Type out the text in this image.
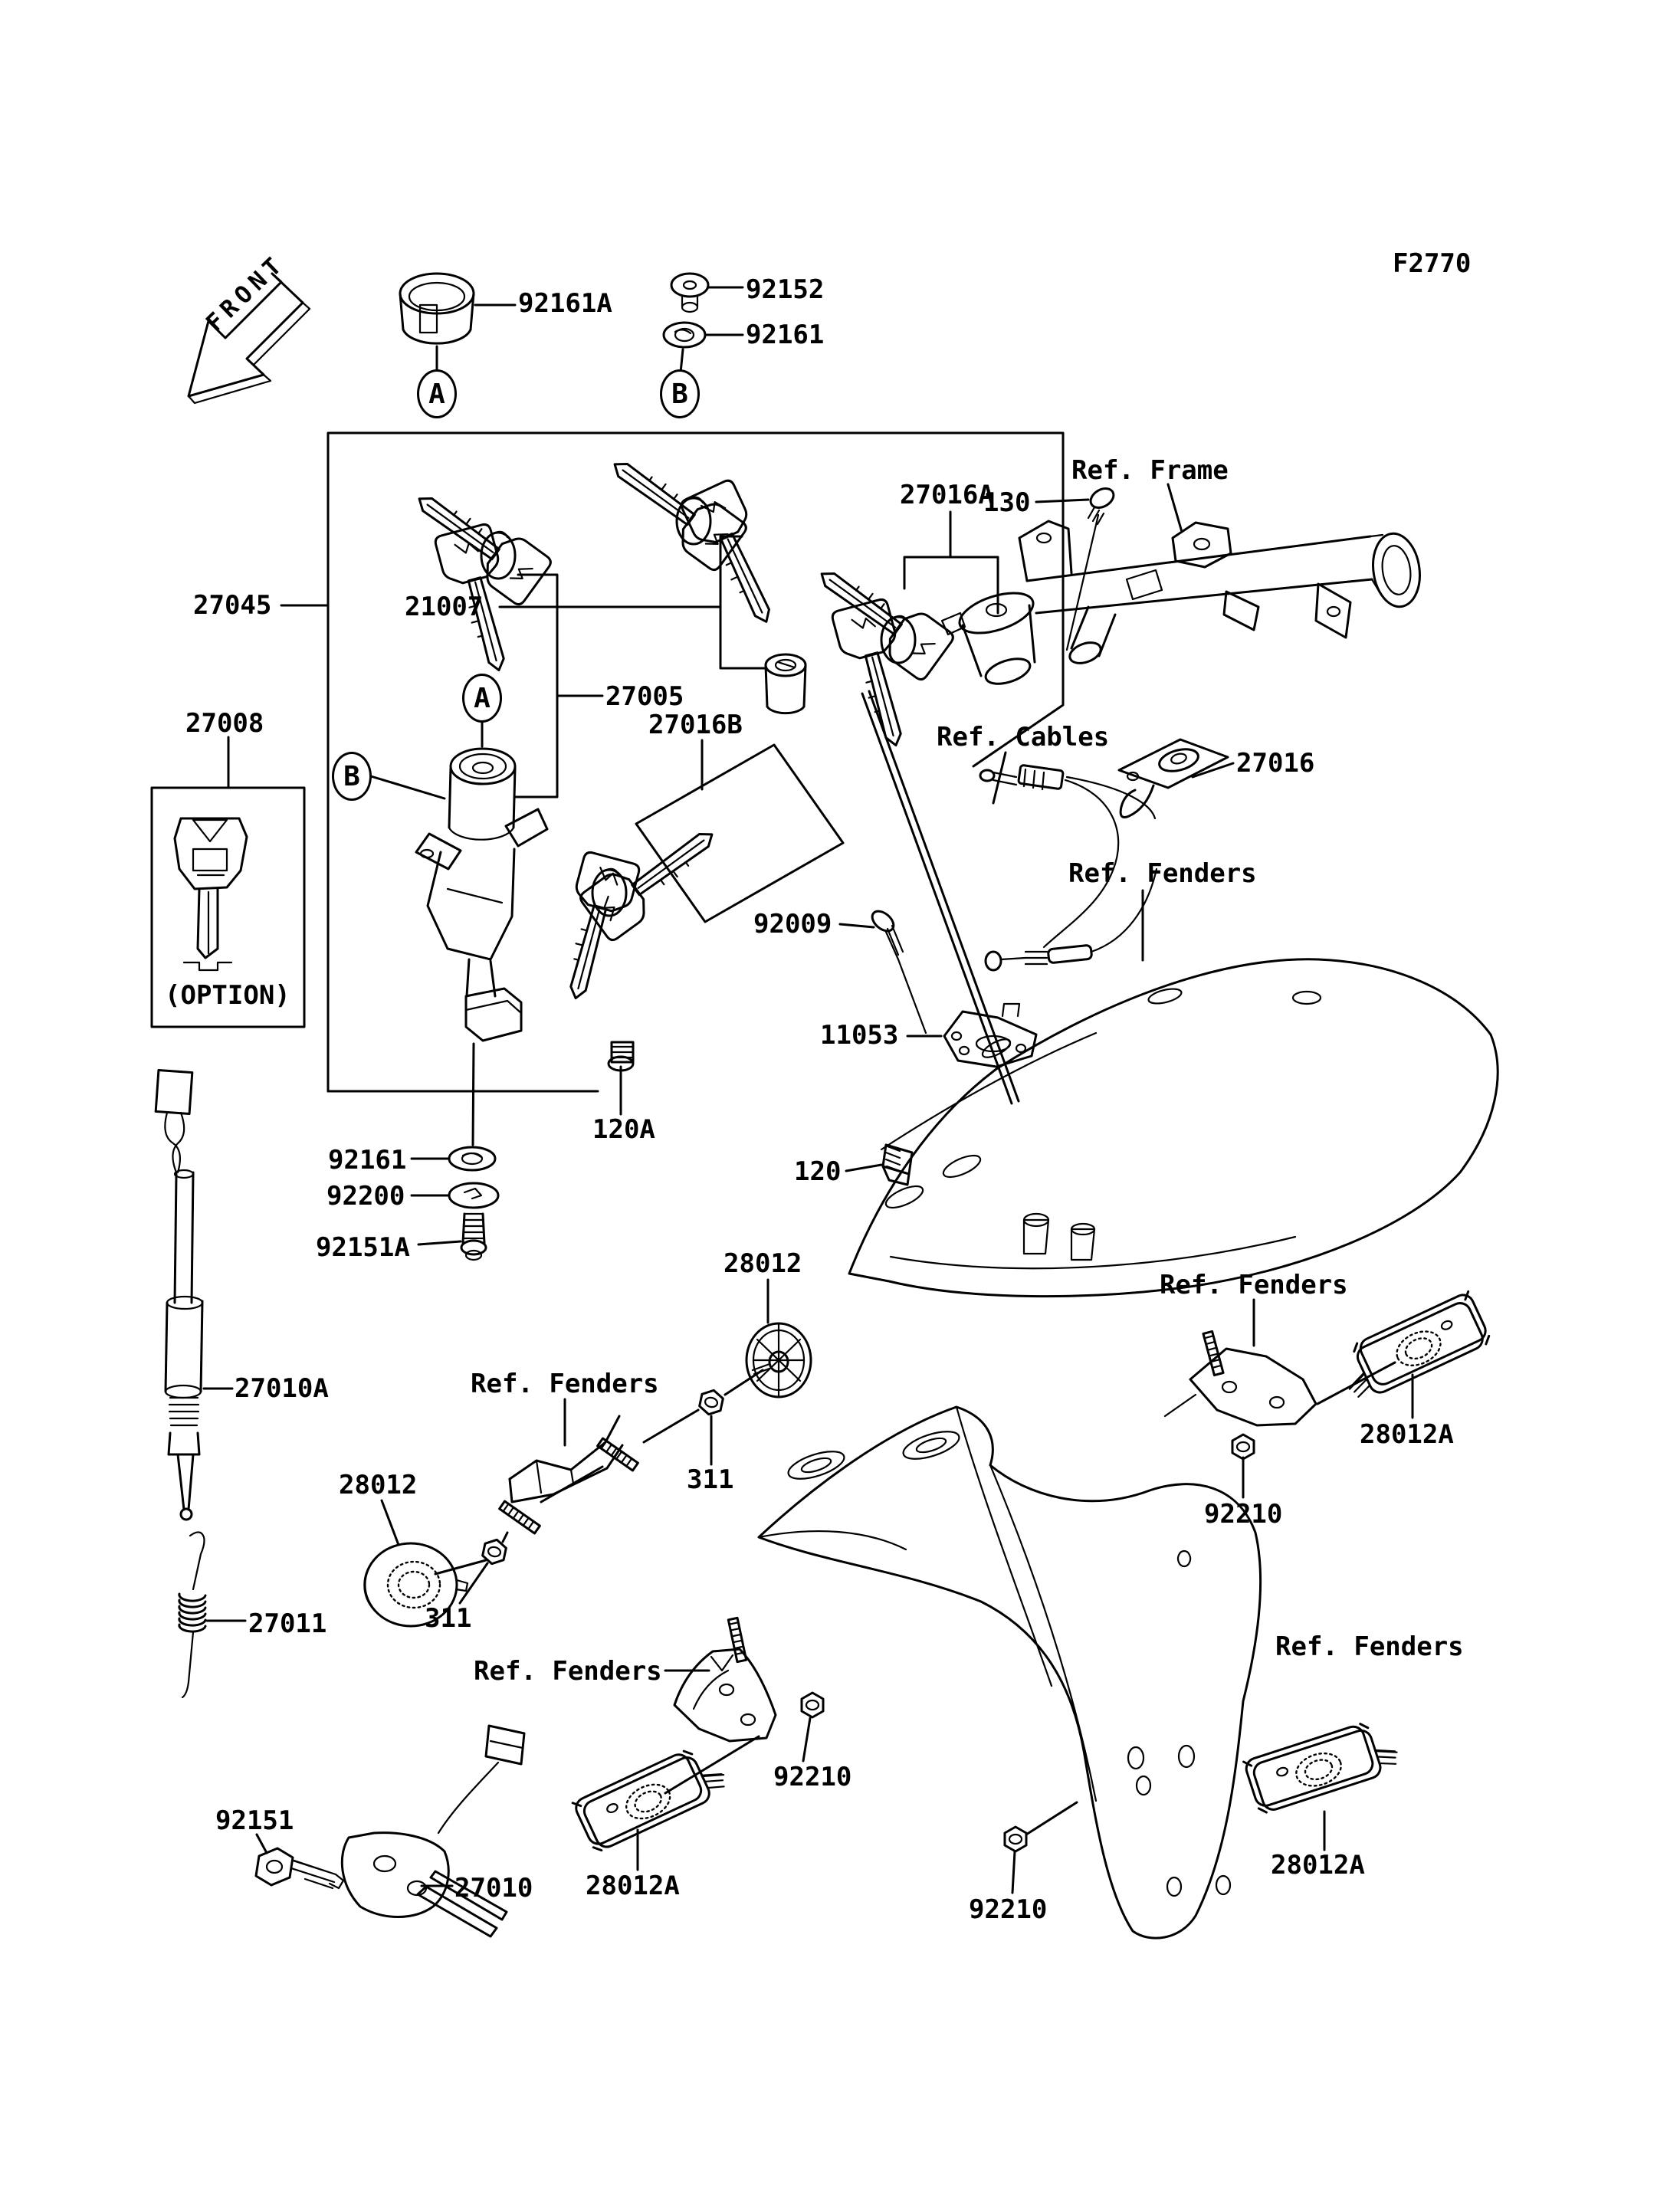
FRONT	F2770
92161A	92152
92161
27045	21007
27005
27016B
27016A
27008
(OPTION)
Ref. Frame
130
Ref. Cables
27016
92009
Ref. Fenders
11053
120A
120
92161
92200
92151A
28012
27010A	Ref. Fenders
28012	311
27011	311
Ref. Fenders
Ref. Fenders
92210
28012A
92151
27010 28012A
92210
92210
28012A
Ref. Fenders
A	B
A
B
